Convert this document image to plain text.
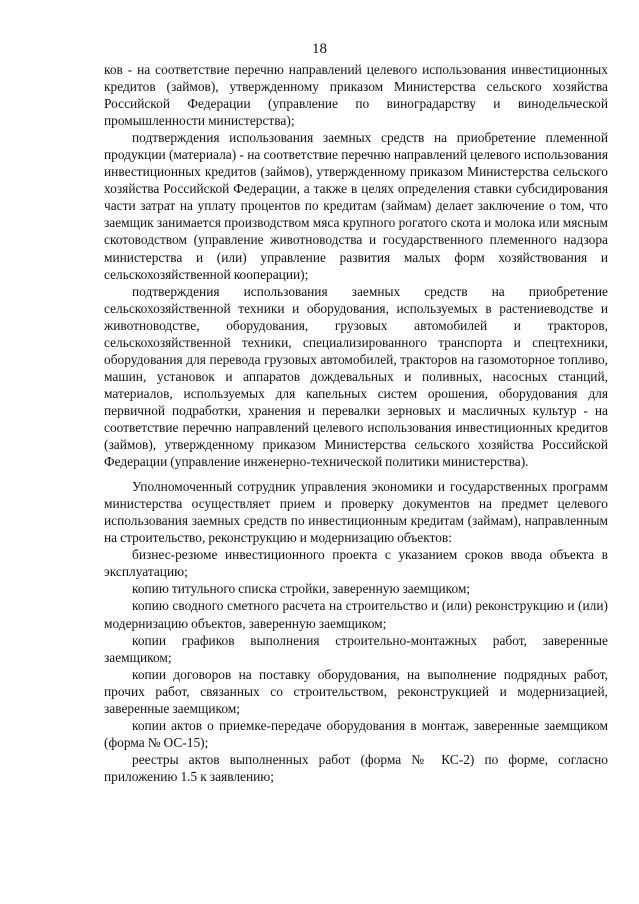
18

ков - на соответствие перечню направлений целевого использования инвестиционных кредитов (займов), утвержденному приказом Министерства сельского хозяйства Российской Федерации (управление по виноградарству и винодельческой промышленности министерства);

подтверждения использования заемных средств на приобретение племенной продукции (материала) - на соответствие перечню направлений целевого использования инвестиционных кредитов (займов), утвержденному приказом Министерства сельского хозяйства Российской Федерации, а также в целях определения ставки субсидирования части затрат на уплату процентов по кредитам (займам) делает заключение о том, что заемщик занимается производством мяса крупного рогатого скота и молока или мясным скотоводством (управление животноводства и государственного племенного надзора министерства и (или) управление развития малых форм хозяйствования и сельскохозяйственной кооперации);

подтверждения использования заемных средств на приобретение сельскохозяйственной техники и оборудования, используемых в растениеводстве и животноводстве, оборудования, грузовых автомобилей и тракторов, сельскохозяйственной техники, специализированного транспорта и спецтехники, оборудования для перевода грузовых автомобилей, тракторов на газомоторное топливо, машин, установок и аппаратов дождевальных и поливных, насосных станций, материалов, используемых для капельных систем орошения, оборудования для первичной подработки, хранения и перевалки зерновых и масличных культур - на соответствие перечню направлений целевого использования инвестиционных кредитов (займов), утвержденному приказом Министерства сельского хозяйства Российской Федерации (управление инженерно-технической политики министерства).

Уполномоченный сотрудник управления экономики и государственных программ министерства осуществляет прием и проверку документов на предмет целевого использования заемных средств по инвестиционным кредитам (займам), направленным на строительство, реконструкцию и модернизацию объектов:

бизнес-резюме инвестиционного проекта с указанием сроков ввода объекта в эксплуатацию;

копию титульного списка стройки, заверенную заемщиком;

копию сводного сметного расчета на строительство и (или) реконструкцию и (или) модернизацию объектов, заверенную заемщиком;

копии графиков выполнения строительно-монтажных работ, заверенные заемщиком;

копии договоров на поставку оборудования, на выполнение подрядных работ, прочих работ, связанных со строительством, реконструкцией и модернизацией, заверенные заемщиком;

копии актов о приемке-передаче оборудования в монтаж, заверенные заемщиком (форма № ОС-15);

реестры актов выполненных работ (форма № КС-2) по форме, согласно приложению 1.5 к заявлению;
